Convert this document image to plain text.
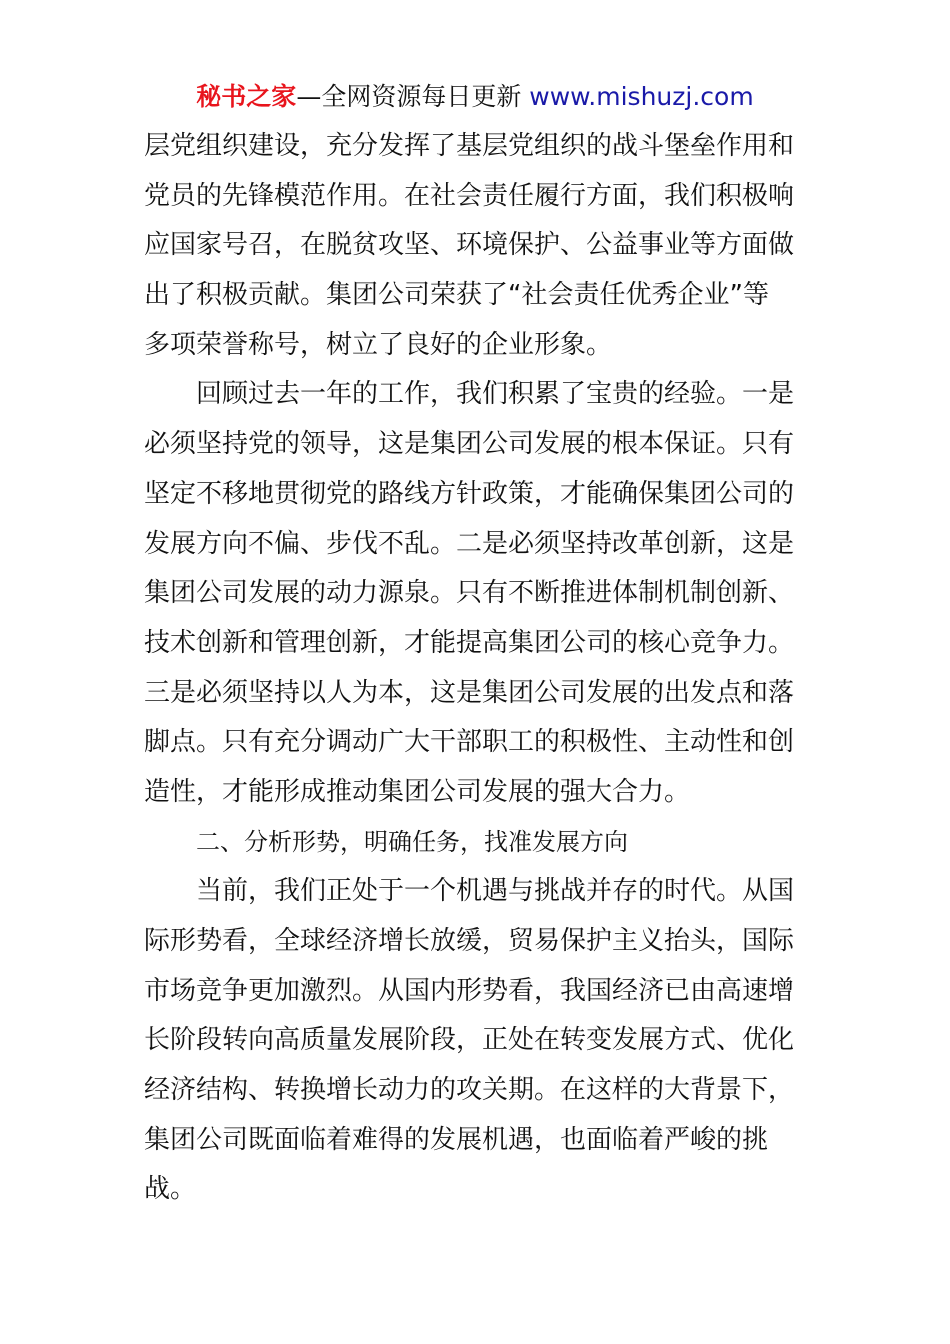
秘书之家—全网资源每日更新 www.mishuzj.com
层党组织建设，充分发挥了基层党组织的战斗堡垒作用和
党员的先锋模范作用。在社会责任履行方面，我们积极响
应国家号召，在脱贫攻坚、环境保护、公益事业等方面做
出了积极贡献。集团公司荣获了“社会责任优秀企业”等
多项荣誉称号，树立了良好的企业形象。
回顾过去一年的工作，我们积累了宝贵的经验。一是
必须坚持党的领导，这是集团公司发展的根本保证。只有
坚定不移地贯彻党的路线方针政策，才能确保集团公司的
发展方向不偏、步伐不乱。二是必须坚持改革创新，这是
集团公司发展的动力源泉。只有不断推进体制机制创新、
技术创新和管理创新，才能提高集团公司的核心竞争力。
三是必须坚持以人为本，这是集团公司发展的出发点和落
脚点。只有充分调动广大干部职工的积极性、主动性和创
造性，才能形成推动集团公司发展的强大合力。
二、分析形势，明确任务，找准发展方向
当前，我们正处于一个机遇与挑战并存的时代。从国
际形势看，全球经济增长放缓，贸易保护主义抬头，国际
市场竞争更加激烈。从国内形势看，我国经济已由高速增
长阶段转向高质量发展阶段，正处在转变发展方式、优化
经济结构、转换增长动力的攻关期。在这样的大背景下，
集团公司既面临着难得的发展机遇，也面临着严峻的挑
战。
